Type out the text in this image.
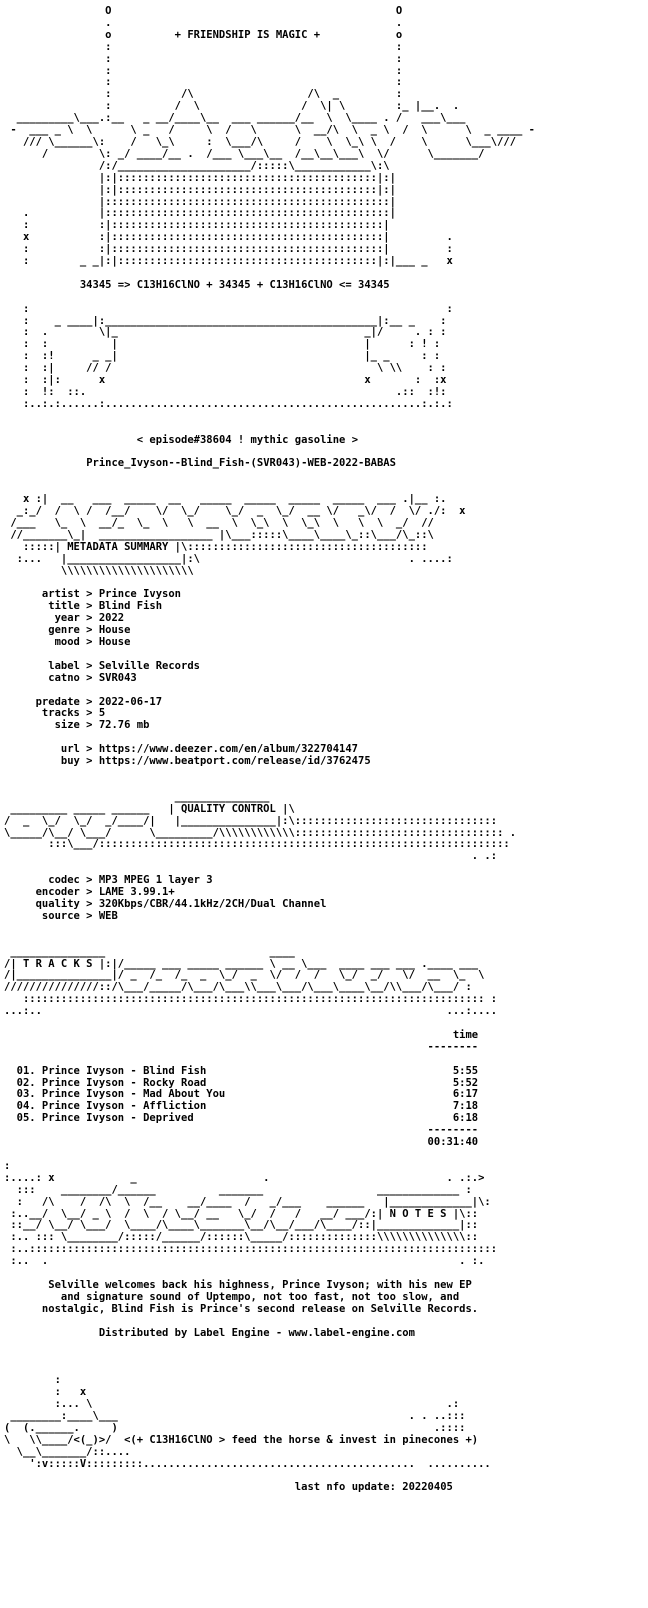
O                                             O
.                                             .
o          + FRIENDSHIP IS MAGIC +            o
:                                             :
:                                             :
:                                             :
:                                             :
:           /\                  /\  _         :
:          /  \                /  \| \        :_ |__.  .
_________\___.:__   _ __/____\__  ___ ______/__  \  \____ . /   ___\___
-  ___ _ \  \      \ _   /     \  /   \      \  __/\  \  _ \  /  \      \  _ ____ -
/// \______\:    /   \_\     :  \___/\     /    \  \_\ \  /    \      \___\///
/        \: _/ ____/__ .  /___ \___\__  /__\__\___\  \/      \_______/
/:/_____________________/:::::\____________\:\
|:|:::::::::::::::::::::::::::::::::::::::::|:|
|:|:::::::::::::::::::::::::::::::::::::::::|:|
|:::::::::::::::::::::::::::::::::::::::::::::|
.           |:::::::::::::::::::::::::::::::::::::::::::::|
:           :|:::::::::::::::::::::::::::::::::::::::::::|
x           :|:::::::::::::::::::::::::::::::::::::::::::|         .
:           :|:::::::::::::::::::::::::::::::::::::::::::|         :
:        _ _|:|:::::::::::::::::::::::::::::::::::::::::|:|___ _   x

34345 => C13H16ClNO + 34345 + C13H16ClNO <= 34345

:                                                                  :
:    _ ____|:___________________________________________|:__ _    :
:  .        \|_                                       _|/     . : :
:  :          |                                       |      : ! :
:  :!      _ _|                                       |_ _     : :
:  :|     // /                                          \ \\    : :
:  :|:      x                                         x       :  :x
:  !:  ::.                                                 .::  :!:
:..:.:......:..................................................:.:.:

< episode#38604 ! mythic gasoline >

Prince_Ivyson--Blind_Fish-(SVR043)-WEB-2022-BABAS

x :|  __   ___  _____  __   _____  _____  _____  _____  ___ .|__ :.
_:_/  /  \ /  /__/    \/  \_/    \_/  _  \_/  __ \/   _\/  /  \/ ./:  x
/___   \_  \  __/_  \_  \   \  __  \  \_\  \  \_\  \   \  \  _/  //
//_______\_|  __________________ |\___:::::\____\____\_::\___/\_::\
:::::| METADATA SUMMARY |\::::::::::::::::::::::::::::::::::::::
:...   |__________________|:\                                 . ....:
\\\\\\\\\\\\\\\\\\\\\

artist > Prince Ivyson
title > Blind Fish
year > 2022
genre > House
mood > House

label > Selville Records
catno > SVR043

predate > 2022-06-17
tracks > 5
size > 72.76 mb

url > https://www.deezer.com/en/album/322704147
buy > https://www.beatport.com/release/id/3762475

_______________
_________ _____ ______   | QUALITY CONTROL |\
/  _  \_/  \_/  _/____/|   |_______________|:\::::::::::::::::::::::::::::::::
\_____/\__/ \___/      \_________/\\\\\\\\\\\\::::::::::::::::::::::::::::::::: .
:::\___/:::::::::::::::::::::::::::::::::::::::::::::::::::::::::::::::::
. .:

codec > MP3 MPEG 1 layer 3
encoder > LAME 3.99.1+
quality > 320Kbps/CBR/44.1kHz/2CH/Dual Channel
source > WEB

_______________                          ____
/| T R A C K S |:|/_____ ___ _____ ______ \ __ \___  ____ ___ ___ .____ ___
/|_______________|/ _  /_  /_  _  \_/  _  \/  /  /   \_/  _/   \/  __  \_  \
///////////////::/\___/_____/\___/\___\\___\___/\___\____\__/\\___/\___/ :
::::::::::::::::::::::::::::::::::::::::::::::::::::::::::::::::::::::::: :
...:..                                                                ...:....

time
--------

01. Prince Ivyson - Blind Fish                                       5:55
02. Prince Ivyson - Rocky Road                                       5:52
03. Prince Ivyson - Mad About You                                    6:17
04. Prince Ivyson - Affliction                                       7:18
05. Prince Ivyson - Deprived                                         6:18
--------
00:31:40

:
:....: x            _                    .                            . .:.>
:::    ________/______          _______                  _____________ :
:   /\    /  /\  \  /__    __/____  /   _/___    ______   |_____________|\:
:..__/  \__/ _ \  /  \  / \__/ __   \_/  /   /   __/ ___/:| N O T E S |\::
::__/ \__/ \___/  \____/\____\_______\__/\__/___/\____/::|_____________|::
:.. ::: \________/:::::/______/::::::\_____/::::::::::::::\\\\\\\\\\\\\\::
:..::::::::::::::::::::::::::::::::::::::::::::::::::::::::::::::::::::::::::
:..  .                                                                 . :.

Selville welcomes back his highness, Prince Ivyson; with his new EP
and signature sound of Uptempo, not too fast, not too slow, and
nostalgic, Blind Fish is Prince's second release on Selville Records.

Distributed by Label Engine - www.label-engine.com

:
:   x
:... \                                                        .:
________:____\___                                              . . ..:::
(  (.______.     )                                                  .::::
\   \\____/<(_)>/  <(+ C13H16ClNO > feed the horse & invest in pinecones +)
\__\_______/::....
':v:::::V:::::::::...........................................  ..........

last nfo update: 20220405
